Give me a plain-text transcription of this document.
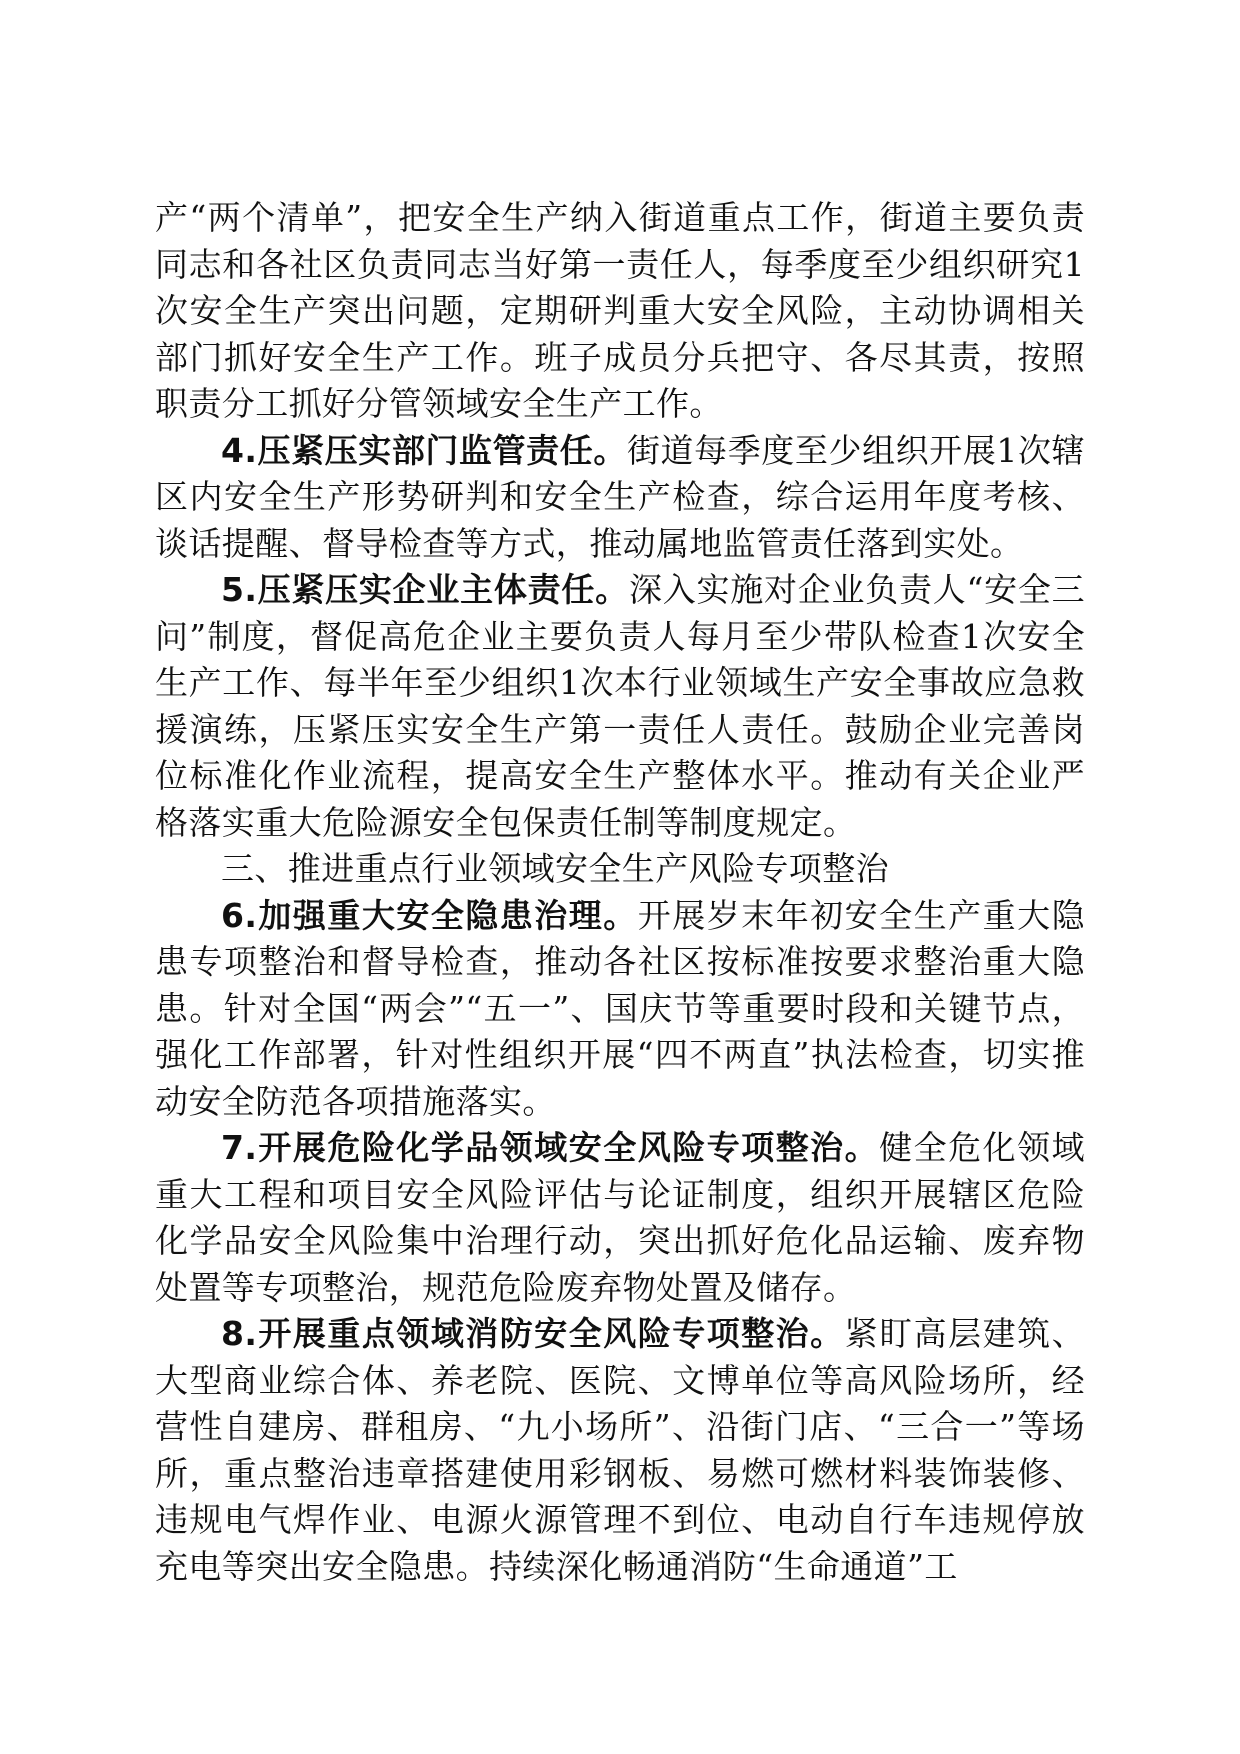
产“两个清单”，把安全生产纳入街道重点工作，街道主要负责同志和各社区负责同志当好第一责任人，每季度至少组织研究1次安全生产突出问题，定期研判重大安全风险，主动协调相关部门抓好安全生产工作。班子成员分兵把守、各尽其责，按照职责分工抓好分管领域安全生产工作。

4.压紧压实部门监管责任。街道每季度至少组织开展1次辖区内安全生产形势研判和安全生产检查，综合运用年度考核、谈话提醒、督导检查等方式，推动属地监管责任落到实处。

5.压紧压实企业主体责任。深入实施对企业负责人“安全三问”制度，督促高危企业主要负责人每月至少带队检查1次安全生产工作、每半年至少组织1次本行业领域生产安全事故应急救援演练，压紧压实安全生产第一责任人责任。鼓励企业完善岗位标准化作业流程，提高安全生产整体水平。推动有关企业严格落实重大危险源安全包保责任制等制度规定。

三、推进重点行业领域安全生产风险专项整治

6.加强重大安全隐患治理。开展岁末年初安全生产重大隐患专项整治和督导检查，推动各社区按标准按要求整治重大隐患。针对全国“两会”“五一”、国庆节等重要时段和关键节点，强化工作部署，针对性组织开展“四不两直”执法检查，切实推动安全防范各项措施落实。

7.开展危险化学品领域安全风险专项整治。健全危化领域重大工程和项目安全风险评估与论证制度，组织开展辖区危险化学品安全风险集中治理行动，突出抓好危化品运输、废弃物处置等专项整治，规范危险废弃物处置及储存。

8.开展重点领域消防安全风险专项整治。紧盯高层建筑、大型商业综合体、养老院、医院、文博单位等高风险场所，经营性自建房、群租房、“九小场所”、沿街门店、“三合一”等场所，重点整治违章搭建使用彩钢板、易燃可燃材料装饰装修、违规电气焊作业、电源火源管理不到位、电动自行车违规停放充电等突出安全隐患。持续深化畅通消防“生命通道”工
